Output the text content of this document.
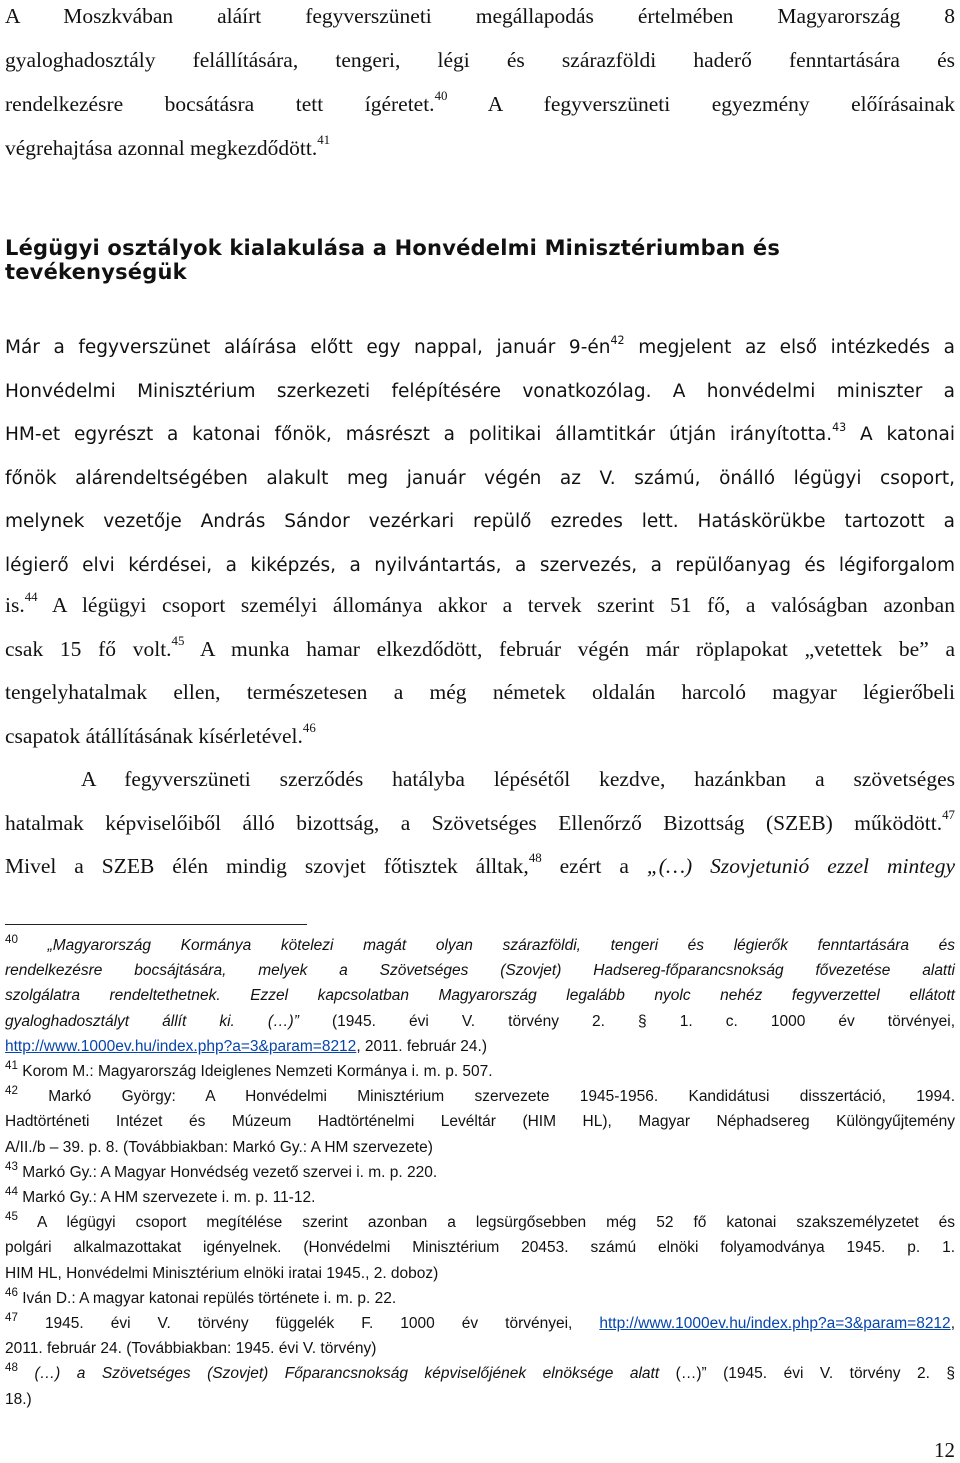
A Moszkvában aláírt fegyverszüneti megállapodás értelmében Magyarország 8
gyaloghadosztály felállítására, tengeri, légi és szárazföldi haderő fenntartására és
rendelkezésre bocsátásra tett ígéretet.$^{40}$ A fegyverszüneti egyezmény előírásainak
végrehajtása azonnal megkezdődött.$^{41}$
Légügyi osztályok kialakulása a Honvédelmi Minisztériumban és tevékenységük
Már a fegyverszünet aláírása előtt egy nappal, január $9-én^{42}$ megjelent az első intézkedés a
Honvédelmi Minisztérium szerkezeti felépítésére vonatkozólag. A honvédelmi miniszter a
HM-et egyrészt a katonai főnök, másrészt a politikai államtitkár útján irányította.$^{43}$ A katonai
főnök alárendeltségében alakult meg január végén az V. számú, önálló légügyi csoport,
melynek vezetője András Sándor vezérkari repülő ezredes lett. Hatáskörükbe tartozott a
légierő elvi kérdései, a kiképzés, a nyilvántartás, a szervezés, a repülőanyag és légiforgalom
is.$^{44}$ A légügyi csoport személyi állománya akkor a tervek szerint 51 fő, a valóságban azonban
csak 15 fő volt.$^{45}$ A munka hamar elkezdődött, február végén már röplapokat „vetettek be” a
tengelyhatalmak ellen, természetesen a még németek oldalán harcoló magyar légierőbeli
csapatok átállításának kísérletével.$^{46}$
A fegyverszüneti szerződés hatályba lépésétől kezdve, hazánkban a szövetséges
hatalmak képviselőiből álló bizottság, a Szövetséges Ellenőrző Bizottság (SZEB) működött.$^{47}$
Mivel a SZEB élén mindig szovjet főtisztek álltak,$^{48}$ ezért a „(…) Szovjetunió ezzel mintegy
$^{40}$ „Magyarország Kormánya kötelezi magát olyan szárazföldi, tengeri és légierők fenntartására és
rendelkezésre bocsájtására, melyek a Szövetséges (Szovjet) Hadsereg-főparancsnokság fővezetése alatti
szolgálatra rendeltethetnek. Ezzel kapcsolatban Magyarország legalább nyolc nehéz fegyverzettel ellátott
gyaloghadosztályt állít ki. (…)” (1945. évi V. törvény 2. § 1. c. 1000 év törvényei,
http://www.1000ev.hu/index.php?a=3&param=8212, 2011. február 24.)
$^{41}$ Korom M.: Magyarország Ideiglenes Nemzeti Kormánya i. m. p. 507.
$^{42}$ Markó György: A Honvédelmi Minisztérium szervezete 1945-1956. Kandidátusi disszertáció, 1994.
Hadtörténeti Intézet és Múzeum Hadtörténelmi Levéltár (HIM HL), Magyar Néphadsereg Különgyűjtemény
A/II./b – 39. p. 8. (Továbbiakban: Markó Gy.: A HM szervezete)
$^{43}$ Markó Gy.: A Magyar Honvédség vezető szervei i. m. p. 220.
$^{44}$ Markó Gy.: A HM szervezete i. m. p. 11-12.
$^{45}$ A légügyi csoport megítélése szerint azonban a legsürgősebben még 52 fő katonai szakszemélyzetet és
polgári alkalmazottakat igényelnek. (Honvédelmi Minisztérium 20453. számú elnöki folyamodványa 1945. p. 1.
HIM HL, Honvédelmi Minisztérium elnöki iratai 1945., 2. doboz)
$^{46}$ Iván D.: A magyar katonai repülés története i. m. p. 22.
$^{47}$ 1945. évi V. törvény függelék F. 1000 év törvényei, http://www.1000ev.hu/index.php?a=3&param=8212,
2011. február 24. (Továbbiakban: 1945. évi V. törvény)
$^{48}$ (…) a Szövetséges (Szovjet) Főparancsnokság képviselőjének elnöksége alatt (…)” (1945. évi V. törvény 2. §
18.)
12
